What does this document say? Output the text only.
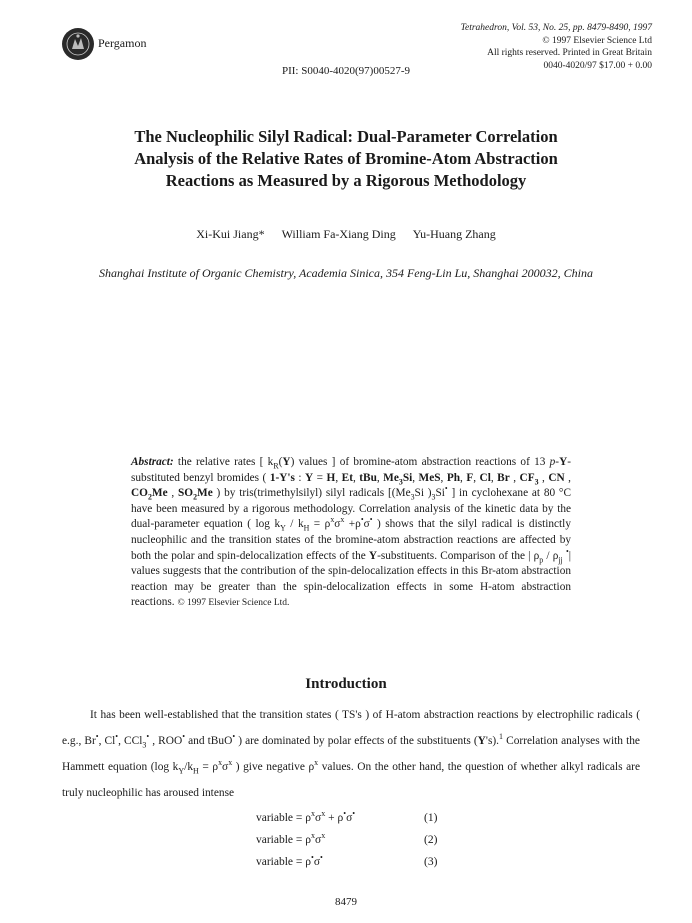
Pergamon
Tetrahedron, Vol. 53, No. 25, pp. 8479-8490, 1997
© 1997 Elsevier Science Ltd
All rights reserved. Printed in Great Britain
0040-4020/97 $17.00 + 0.00
PII: S0040-4020(97)00527-9
The Nucleophilic Silyl Radical: Dual-Parameter Correlation
Analysis of the Relative Rates of Bromine-Atom Abstraction
Reactions as Measured by a Rigorous Methodology
Xi-Kui Jiang* William Fa-Xiang Ding Yu-Huang Zhang
Shanghai Institute of Organic Chemistry, Academia Sinica, 354 Feng-Lin Lu, Shanghai 200032, China
Abstract: the relative rates [ $k_R(Y)$ values ] of bromine-atom abstraction reactions of 13 p-Y-substituted benzyl bromides ( 1-Y's : Y = H, Et, tBu, $Me_3Si$, MeS, Ph, F, Cl, Br , $CF_3$ , CN , $CO_2Me$ , $SO_2Me$ ) by tris(trimethylsilyl) silyl radicals [($Me_3Si$ )$_3Si^•$ ] in cyclohexane at 80 °C have been measured by a rigorous methodology. Correlation analysis of the kinetic data by the dual-parameter equation ( $\log k_Y / k_H = \rho^x\sigma^x +\rho^•\sigma^•$ ) shows that the silyl radical is distinctly nucleophilic and the transition states of the bromine-atom abstraction reactions are affected by both the polar and spin-delocalization effects of the Y-substituents. Comparison of the | $\rho_p / \rho_{jj}$ •| values suggests that the contribution of the spin-delocalization effects in this Br-atom abstraction reaction may be greater than the spin-delocalization effects in some H-atom abstraction reactions. © 1997 Elsevier Science Ltd.
Introduction

It has been well-established that the transition states ( TS's ) of H-atom abstraction reactions by electrophilic radicals ( e.g., Br•, Cl•, CCl$_3$• , ROO• and tBuO• ) are dominated by polar effects of the substituents (Y's).$^1$ Correlation analyses with the Hammett equation (log $k_Y/k_H = \rho^x\sigma^x$ ) give negative $\rho^x$ values. On the other hand, the question of whether alkyl radicals are truly nucleophilic has aroused intense

variable = $\rho^x\sigma^x + \rho^•\sigma^•$	(1)
variable = $\rho^x\sigma^x$	(2)
variable = ρ•σ•	(3)
8479
